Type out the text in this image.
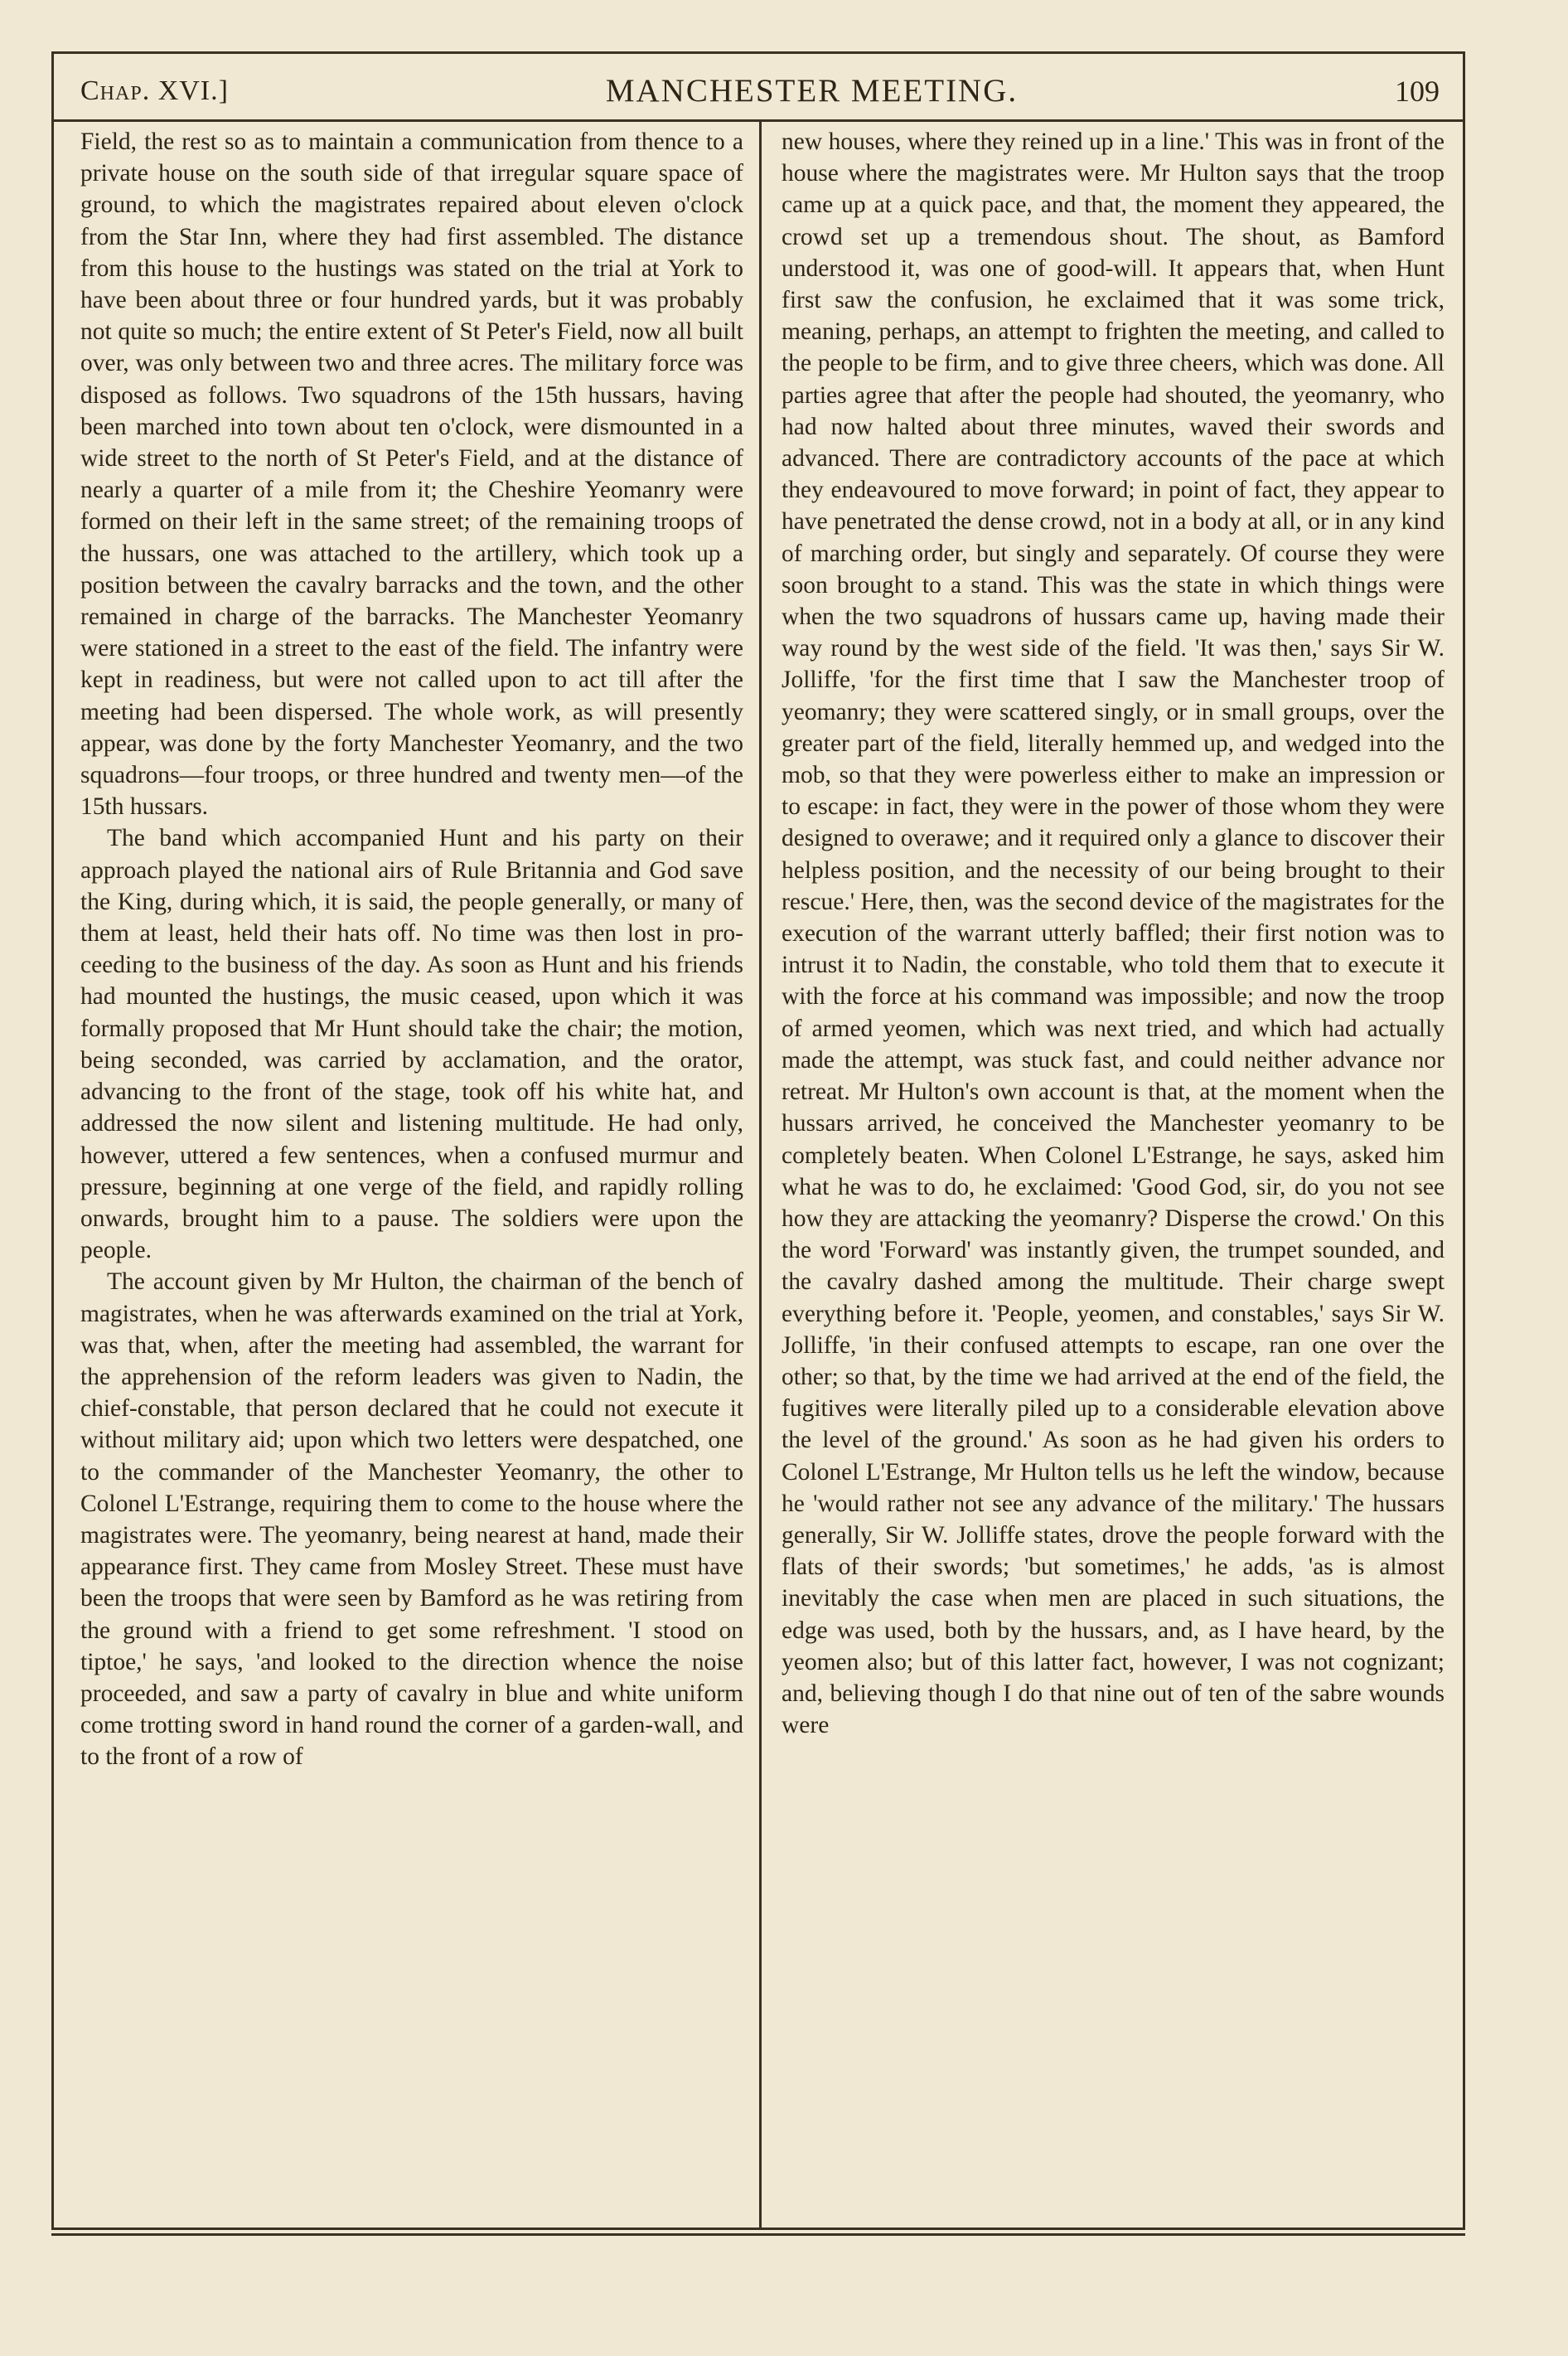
Chap. XVI.]	MANCHESTER MEETING.	109

Field, the rest so as to maintain a communication from thence to a private house on the south side of that irregular square space of ground, to which the magistrates repaired about eleven o'clock from the Star Inn, where they had first assembled. The distance from this house to the hustings was stated on the trial at York to have been about three or four hundred yards, but it was probably not quite so much; the entire extent of St Peter's Field, now all built over, was only between two and three acres. The military force was disposed as follows. Two squadrons of the 15th hussars, having been marched into town about ten o'clock, were dismounted in a wide street to the north of St Peter's Field, and at the distance of nearly a quarter of a mile from it; the Cheshire Yeomanry were formed on their left in the same street; of the remaining troops of the hussars, one was attached to the artillery, which took up a position between the cavalry barracks and the town, and the other remained in charge of the barracks. The Manchester Yeomanry were stationed in a street to the east of the field. The infantry were kept in readiness, but were not called upon to act till after the meeting had been dispersed. The whole work, as will presently appear, was done by the forty Manchester Yeomanry, and the two squadrons—four troops, or three hundred and twenty men—of the 15th hussars.

The band which accompanied Hunt and his party on their approach played the national airs of Rule Britannia and God save the King, during which, it is said, the people generally, or many of them at least, held their hats off. No time was then lost in proceeding to the business of the day. As soon as Hunt and his friends had mounted the hustings, the music ceased, upon which it was formally proposed that Mr Hunt should take the chair; the motion, being seconded, was carried by acclamation, and the orator, advancing to the front of the stage, took off his white hat, and addressed the now silent and listening multitude. He had only, however, uttered a few sentences, when a confused murmur and pressure, beginning at one verge of the field, and rapidly rolling onwards, brought him to a pause. The soldiers were upon the people.

The account given by Mr Hulton, the chairman of the bench of magistrates, when he was afterwards examined on the trial at York, was that, when, after the meeting had assembled, the warrant for the apprehension of the reform leaders was given to Nadin, the chief-constable, that person declared that he could not execute it without military aid; upon which two letters were despatched, one to the commander of the Manchester Yeomanry, the other to Colonel L'Estrange, requiring them to come to the house where the magistrates were. The yeomanry, being nearest at hand, made their appearance first. They came from Mosley Street. These must have been the troops that were seen by Bamford as he was retiring from the ground with a friend to get some refreshment. 'I stood on tiptoe,' he says, 'and looked to the direction whence the noise proceeded, and saw a party of cavalry in blue and white uniform come trotting sword in hand round the corner of a garden-wall, and to the front of a row of

new houses, where they reined up in a line.' This was in front of the house where the magistrates were. Mr Hulton says that the troop came up at a quick pace, and that, the moment they appeared, the crowd set up a tremendous shout. The shout, as Bamford understood it, was one of good-will. It appears that, when Hunt first saw the confusion, he exclaimed that it was some trick, meaning, perhaps, an attempt to frighten the meeting, and called to the people to be firm, and to give three cheers, which was done. All parties agree that after the people had shouted, the yeomanry, who had now halted about three minutes, waved their swords and advanced. There are contradictory accounts of the pace at which they endeavoured to move forward; in point of fact, they appear to have penetrated the dense crowd, not in a body at all, or in any kind of marching order, but singly and separately. Of course they were soon brought to a stand. This was the state in which things were when the two squadrons of hussars came up, having made their way round by the west side of the field. 'It was then,' says Sir W. Jolliffe, 'for the first time that I saw the Manchester troop of yeomanry; they were scattered singly, or in small groups, over the greater part of the field, literally hemmed up, and wedged into the mob, so that they were powerless either to make an impression or to escape: in fact, they were in the power of those whom they were designed to overawe; and it required only a glance to discover their helpless position, and the necessity of our being brought to their rescue.' Here, then, was the second device of the magistrates for the execution of the warrant utterly baffled; their first notion was to intrust it to Nadin, the constable, who told them that to execute it with the force at his command was impossible; and now the troop of armed yeomen, which was next tried, and which had actually made the attempt, was stuck fast, and could neither advance nor retreat. Mr Hulton's own account is that, at the moment when the hussars arrived, he conceived the Manchester yeomanry to be completely beaten. When Colonel L'Estrange, he says, asked him what he was to do, he exclaimed: 'Good God, sir, do you not see how they are attacking the yeomanry? Disperse the crowd.' On this the word 'Forward' was instantly given, the trumpet sounded, and the cavalry dashed among the multitude. Their charge swept everything before it. 'People, yeomen, and constables,' says Sir W. Jolliffe, 'in their confused attempts to escape, ran one over the other; so that, by the time we had arrived at the end of the field, the fugitives were literally piled up to a considerable elevation above the level of the ground.' As soon as he had given his orders to Colonel L'Estrange, Mr Hulton tells us he left the window, because he 'would rather not see any advance of the military.' The hussars generally, Sir W. Jolliffe states, drove the people forward with the flats of their swords; 'but sometimes,' he adds, 'as is almost inevitably the case when men are placed in such situations, the edge was used, both by the hussars, and, as I have heard, by the yeomen also; but of this latter fact, however, I was not cognizant; and, believing though I do that nine out of ten of the sabre wounds were
